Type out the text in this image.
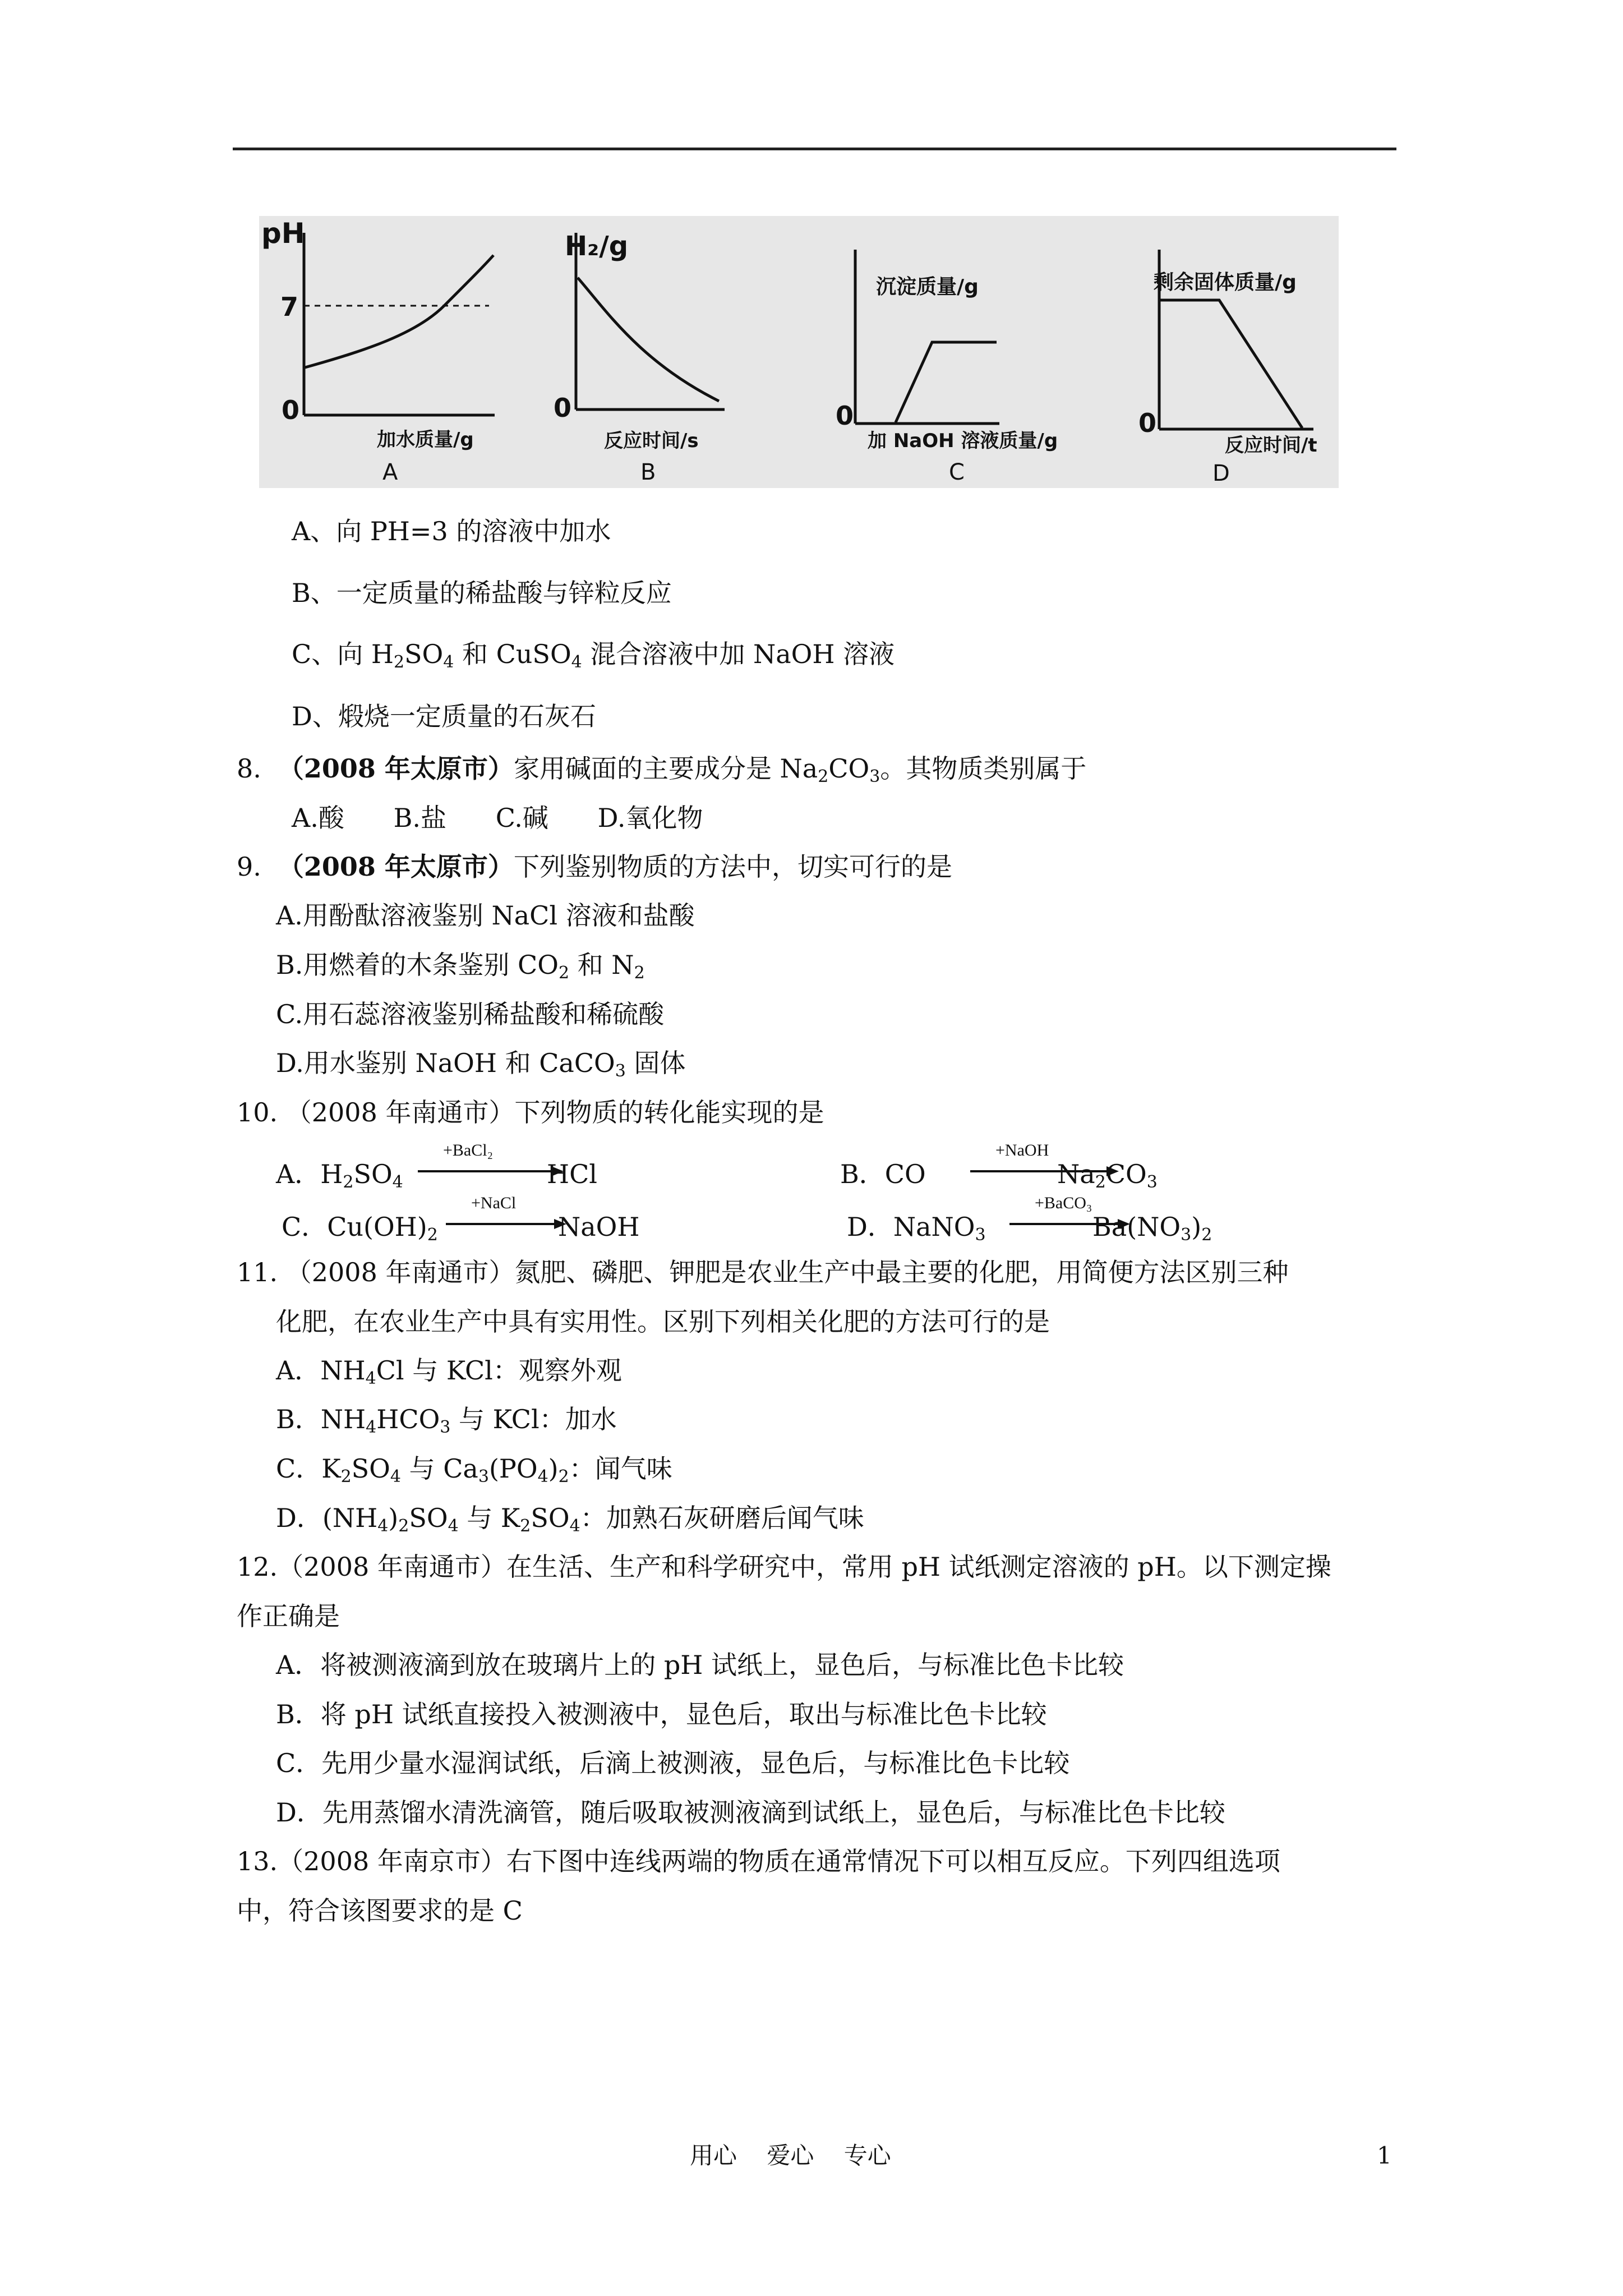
pH
7
0
加水质量/g
A
H₂/g
0
反应时间/s
B
沉淀质量/g
0
加 NaOH 溶液质量/g
C
剩余固体质量/g
0
反应时间/t
D
A、向 PH=3 的溶液中加水
B、一定质量的稀盐酸与锌粒反应
C、向 $H_2SO_4$ 和 CuSO$_4$ 混合溶液中加 NaOH 溶液
D、煅烧一定质量的石灰石
8. （2008 年太原市）家用碱面的主要成分是 $Na_2CO_3$。其物质类别属于
A.酸      B.盐      C.碱      D.氧化物
9. （2008 年太原市）下列鉴别物质的方法中，切实可行的是
A.用酚酞溶液鉴别 NaCl 溶液和盐酸
B.用燃着的木条鉴别 $CO_2$ 和 $N_2$
C.用石蕊溶液鉴别稀盐酸和稀硫酸
D.用水鉴别 NaOH 和 CaCO$_3$ 固体
10. （2008 年南通市）下列物质的转化能实现的是
A．$H_2SO_4$
+BaCl₂
HCl	B．CO
+NaOH
$Na_2CO_3$
C．$Cu(OH)_2$
+NaCl
NaOH	D．NaNO$_3$
+BaCO₃
$Ba(NO_3)_2$
11. （2008 年南通市）氮肥、磷肥、钾肥是农业生产中最主要的化肥，用简便方法区别三种
化肥，在农业生产中具有实用性。区别下列相关化肥的方法可行的是
A．$NH_4Cl$ 与 KCl：观察外观
B．$NH_4HCO_3$ 与 KCl：加水
C．$K_2SO_4$ 与 $Ca_3(PO_4)_2$：闻气味
D．$(NH_4)_2SO_4$ 与 $K_2SO_4$：加熟石灰研磨后闻气味
12.（2008 年南通市）在生活、生产和科学研究中，常用 pH 试纸测定溶液的 pH。以下测定操
作正确是
A．将被测液滴到放在玻璃片上的 pH 试纸上，显色后，与标准比色卡比较
B．将 pH 试纸直接投入被测液中，显色后，取出与标准比色卡比较
C．先用少量水湿润试纸，后滴上被测液，显色后，与标准比色卡比较
D．先用蒸馏水清洗滴管，随后吸取被测液滴到试纸上，显色后，与标准比色卡比较
13.（2008 年南京市）右下图中连线两端的物质在通常情况下可以相互反应。下列四组选项
中，符合该图要求的是 C
用心    爱心    专心	1
